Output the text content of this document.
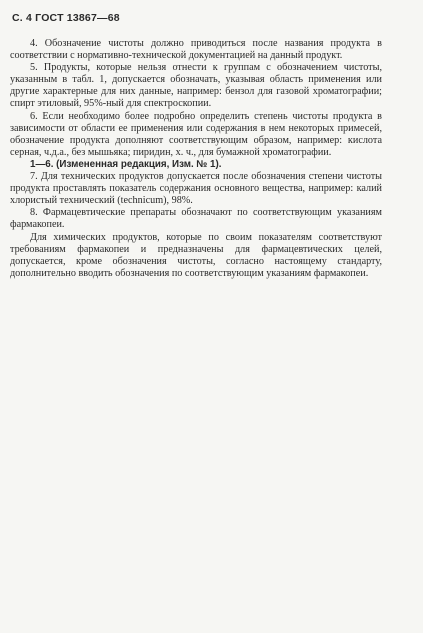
С. 4 ГОСТ 13867—68

4. Обозначение чистоты должно приводиться после названия продукта в соответствии с нормативно-технической документацией на данный продукт.

5. Продукты, которые нельзя отнести к группам с обозначением чистоты, указанным в табл. 1, допускается обозначать, указывая область применения или другие характерные для них данные, например: бензол для газовой хроматографии; спирт этиловый, 95%-ный для спектроскопии.

6. Если необходимо более подробно определить степень чистоты продукта в зависимости от области ее применения или содержания в нем некоторых примесей, обозначение продукта дополняют соответствующим образом, например: кислота серная, ч.д.а., без мышьяка; пиридин, х. ч., для бумажной хроматографии.

1—6. (Измененная редакция, Изм. № 1).

7. Для технических продуктов допускается после обозначения степени чистоты продукта проставлять показатель содержания основного вещества, например: калий хлористый технический (technicum), 98%.

8. Фармацевтические препараты обозначают по соответствующим указаниям фармакопеи.

Для химических продуктов, которые по своим показателям соответствуют требованиям фармакопеи и предназначены для фармацевтических целей, допускается, кроме обозначения чистоты, согласно настоящему стандарту, дополнительно вводить обозначения по соответствующим указаниям фармакопеи.
